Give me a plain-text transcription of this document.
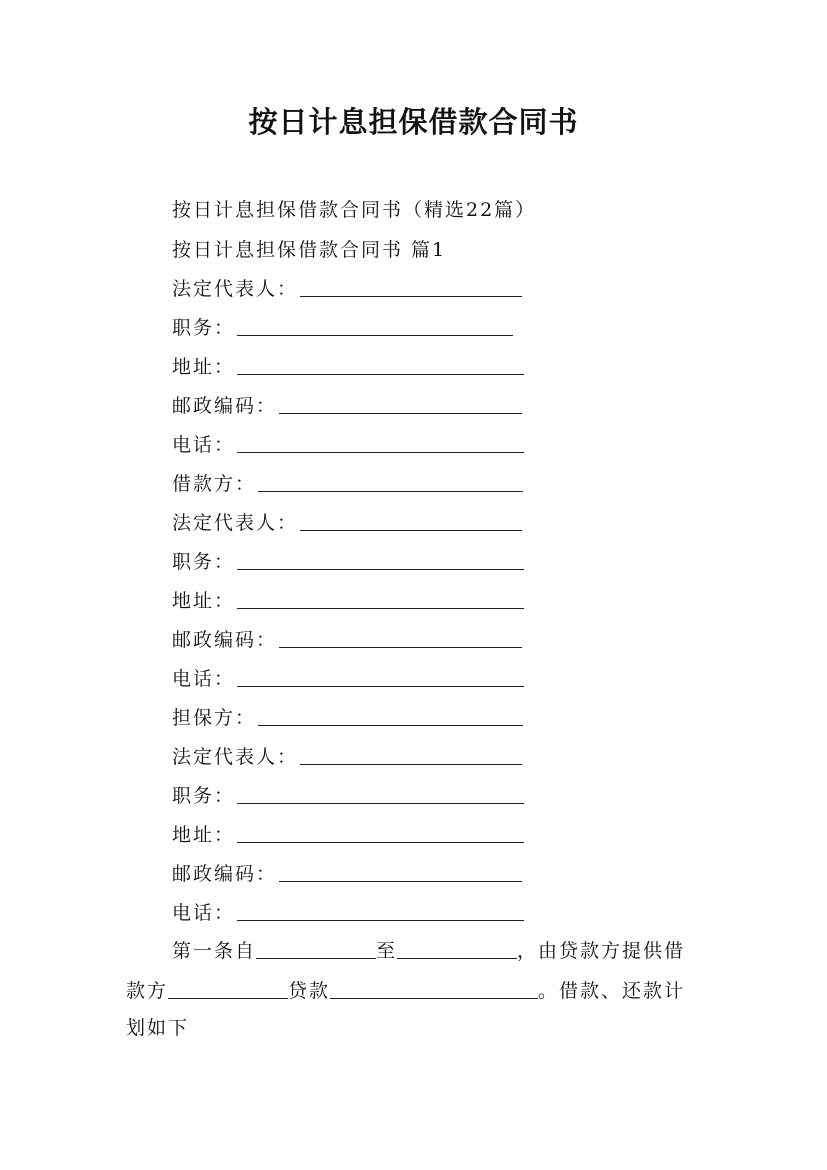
按日计息担保借款合同书
按日计息担保借款合同书（精选22篇）
按日计息担保借款合同书 篇1
法定代表人：
职务：
地址：
邮政编码：
电话：
借款方：
法定代表人：
职务：
地址：
邮政编码：
电话：
担保方：
法定代表人：
职务：
地址：
邮政编码：
电话：
第一条自	至	，由贷款方提供借
款方	贷款	。借款、还款计
划如下
